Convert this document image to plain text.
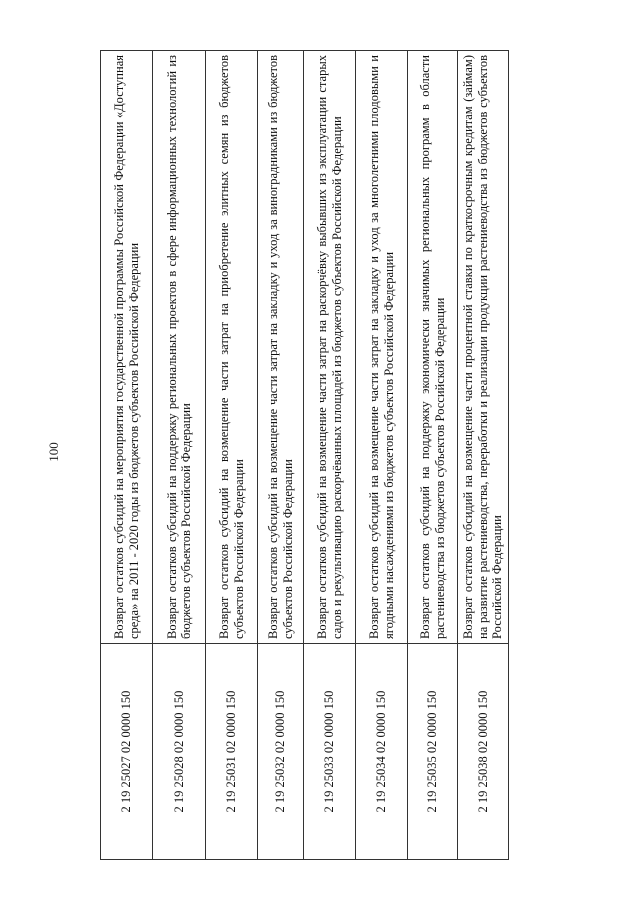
100
2 19 25027 02 0000 150	Возврат остатков субсидий на мероприятия государственной программы Российской Федерации «Доступная среда» на 2011 - 2020 годы из бюджетов субъектов Российской Федерации
2 19 25028 02 0000 150	Возврат остатков субсидий на поддержку региональных проектов в сфере информационных технологий из бюджетов субъектов Российской Федерации
2 19 25031 02 0000 150	Возврат остатков субсидий на возмещение части затрат на приобретение элитных семян из бюджетов субъектов Российской Федерации
2 19 25032 02 0000 150	Возврат остатков субсидий на возмещение части затрат на закладку и уход за виноградниками из бюджетов субъектов Российской Федерации
2 19 25033 02 0000 150	Возврат остатков субсидий на возмещение части затрат на раскорчёвку выбывших из эксплуатации старых садов и рекультивацию раскорчёванных площадей из бюджетов субъектов Российской Федерации
2 19 25034 02 0000 150	Возврат остатков субсидий на возмещение части затрат на закладку и уход за многолетними плодовыми и ягодными насаждениями из бюджетов субъектов Российской Федерации
2 19 25035 02 0000 150	Возврат остатков субсидий на поддержку экономически значимых региональных программ в области растениеводства из бюджетов субъектов Российской Федерации
2 19 25038 02 0000 150	Возврат остатков субсидий на возмещение части процентной ставки по краткосрочным кредитам (займам) на развитие растениеводства, переработки и реализации продукции растениеводства из бюджетов субъектов Российской Федерации
